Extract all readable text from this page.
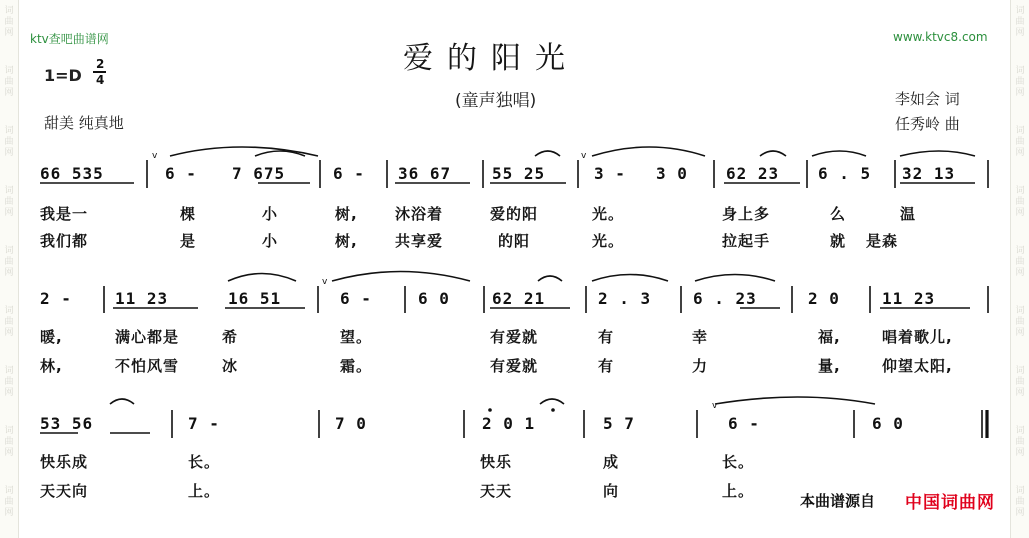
词曲网
词曲网
词曲网
词曲网
词曲网
词曲网
词曲网
词曲网
词曲网
词曲网
词曲网
词曲网
词曲网
词曲网
词曲网
词曲网
词曲网
词曲网
ktv查吧曲谱网	www.ktvc8.com
爱的阳光
(童声独唱)
1=D
2
4
甜美 纯真地
李如会 词
任秀岭 曲
v
v
v
v
66 535	6 - 7 675	6 - 36 67	55 25	3 - 3 0 62 23 6 . 5 32 13
我是一	棵	小	树, 沐浴着	爱的阳	光。	身上多	么	温
我们都	是	小	树, 共享爱	的阳	光。	拉起手	就 是森
2 -	11 23	16 51	6 -	6 0	62 21	2 . 3	6 . 23	2 0	11 23
暖,	满心都是	希	望。	有爱就	有	幸	福,	唱着歌儿,
林,	不怕风雪	冰	霜。	有爱就	有	力	量,	仰望太阳,
53 56	7 -	7 0	2 0 1	5 7	6 -	6 0
快乐成	长。	快乐	成	长。
天天向	上。	天天	向	上。
本曲谱源自 中国词曲网
